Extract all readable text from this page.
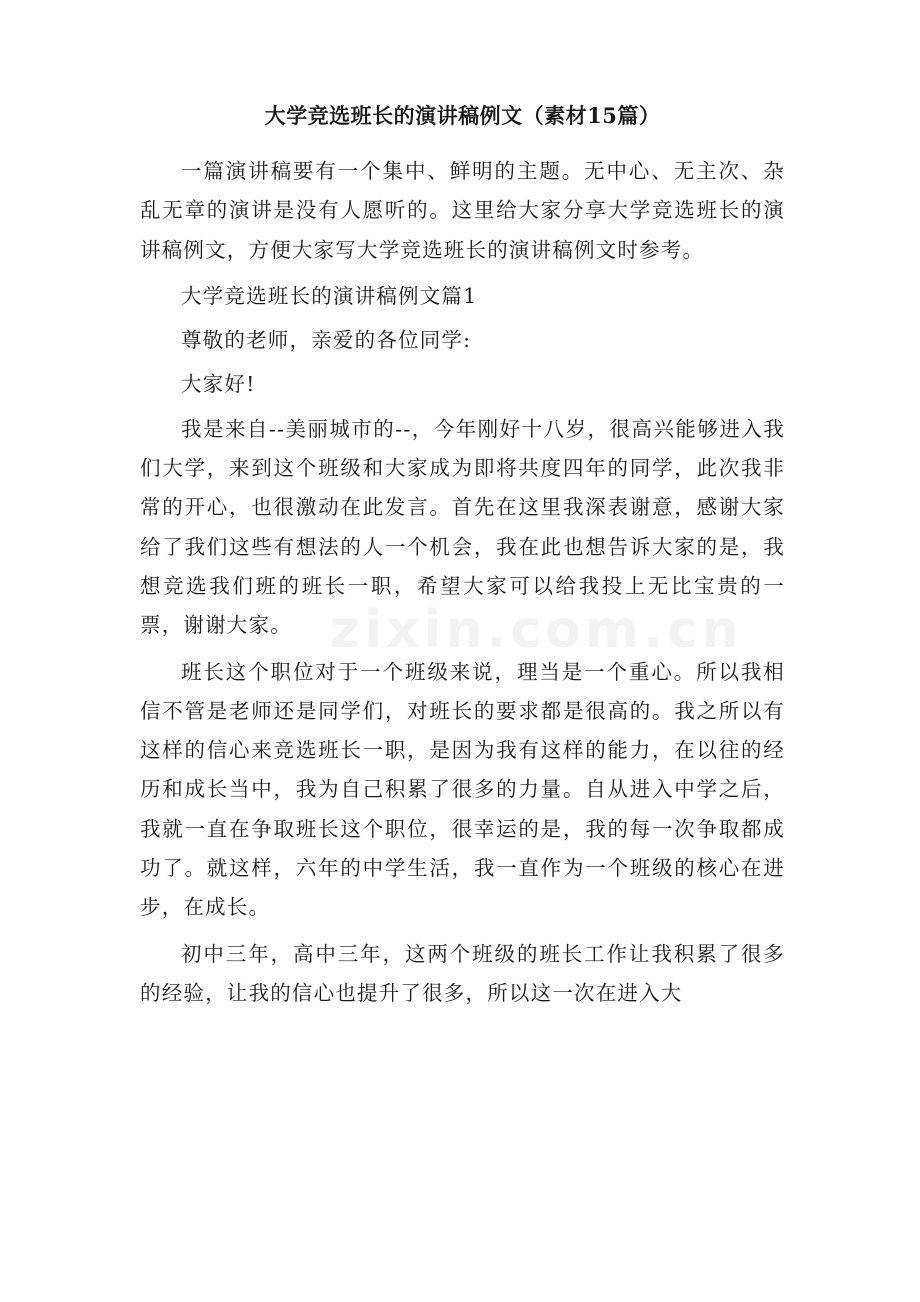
zixin.com.cn
大学竞选班长的演讲稿例文（素材15篇）

一篇演讲稿要有一个集中、鲜明的主题。无中心、无主次、杂乱无章的演讲是没有人愿听的。这里给大家分享大学竞选班长的演讲稿例文，方便大家写大学竞选班长的演讲稿例文时参考。

大学竞选班长的演讲稿例文篇1

尊敬的老师，亲爱的各位同学:

大家好!

我是来自--美丽城市的--，今年刚好十八岁，很高兴能够进入我们大学，来到这个班级和大家成为即将共度四年的同学，此次我非常的开心，也很激动在此发言。首先在这里我深表谢意，感谢大家给了我们这些有想法的人一个机会，我在此也想告诉大家的是，我想竞选我们班的班长一职，希望大家可以给我投上无比宝贵的一票，谢谢大家。

班长这个职位对于一个班级来说，理当是一个重心。所以我相信不管是老师还是同学们，对班长的要求都是很高的。我之所以有这样的信心来竞选班长一职，是因为我有这样的能力，在以往的经历和成长当中，我为自己积累了很多的力量。自从进入中学之后，我就一直在争取班长这个职位，很幸运的是，我的每一次争取都成功了。就这样，六年的中学生活，我一直作为一个班级的核心在进步，在成长。

初中三年，高中三年，这两个班级的班长工作让我积累了很多的经验，让我的信心也提升了很多，所以这一次在进入大
